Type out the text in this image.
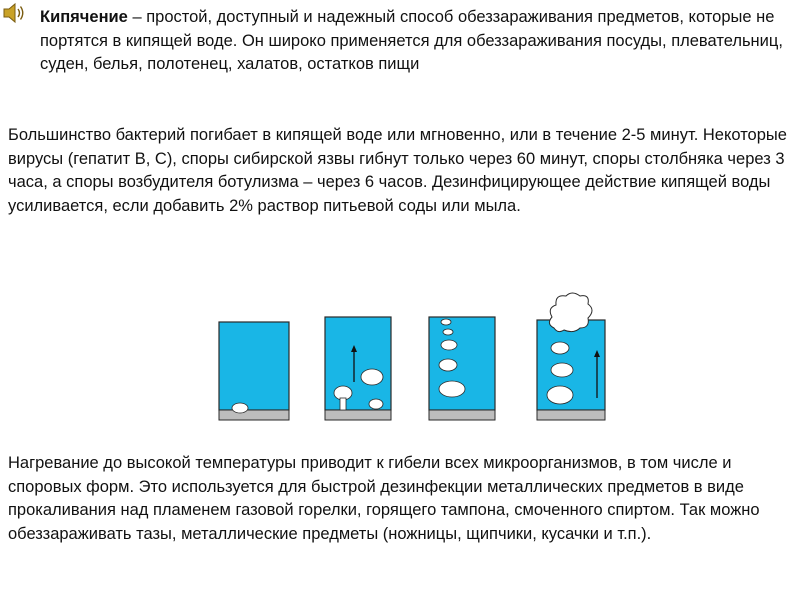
Кипячение – простой, доступный и надежный способ обеззараживания предметов, которые не портятся в кипящей воде. Он широко применяется для обеззараживания посуды, плевательниц, суден, белья, полотенец, халатов, остатков пищи

Большинство бактерий погибает в кипящей воде или мгновенно, или в течение 2-5 минут. Некоторые вирусы (гепатит В, С), споры сибирской язвы гибнут только через 60 минут, споры столбняка через 3 часа, а споры возбудителя ботулизма – через 6 часов. Дезинфицирующее действие кипящей воды усиливается, если добавить 2% раствор питьевой соды или мыла.

Нагревание до высокой температуры приводит к гибели всех микроорганизмов, в том числе и споровых форм. Это используется для быстрой дезинфекции металлических предметов в виде прокаливания над пламенем газовой горелки, горящего тампона, смоченного спиртом. Так можно обеззараживать тазы, металлические предметы (ножницы, щипчики, кусачки и т.п.).
